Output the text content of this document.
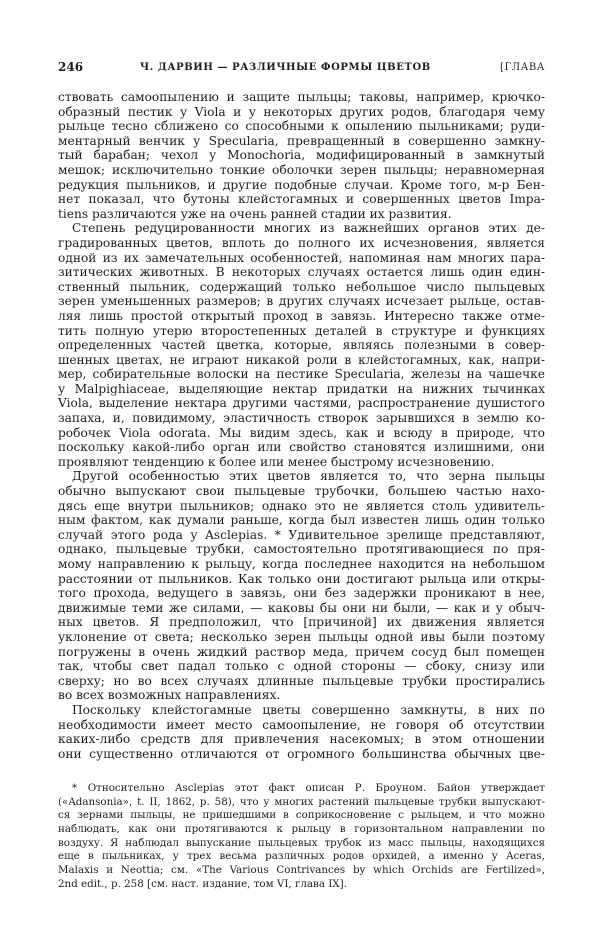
246	Ч. ДАРВИН — РАЗЛИЧНЫЕ ФОРМЫ ЦВЕТОВ	[ГЛАВА
ствовать самоопылению и защите пыльцы; таковы, например, крючко-
образный пестик у Viola и у некоторых других родов, благодаря чему
рыльце тесно сближено со способными к опылению пыльниками; руди-
ментарный венчик у Specularia, превращенный в совершенно замкну-
тый барабан; чехол у Monochoria, модифицированный в замкнутый
мешок; исключительно тонкие оболочки зерен пыльцы; неравномерная
редукция пыльников, и другие подобные случаи. Кроме того, м-р Бен-
нет показал, что бутоны клейстогамных и совершенных цветов Impa-
tiens различаются уже на очень ранней стадии их развития.
Степень редуцированности многих из важнейших органов этих де-
градированных цветов, вплоть до полного их исчезновения, является
одной из их замечательных особенностей, напоминая нам многих пара-
зитических животных. В некоторых случаях остается лишь один един-
ственный пыльник, содержащий только небольшое число пыльцевых
зерен уменьшенных размеров; в других случаях исчезает рыльце, остав-
ляя лишь простой открытый проход в завязь. Интересно также отме-
тить полную утерю второстепенных деталей в структуре и функциях
определенных частей цветка, которые, являясь полезными в совер-
шенных цветах, не играют никакой роли в клейстогамных, как, напри-
мер, собирательные волоски на пестике Specularia, железы на чашечке
у Malpighiaceae, выделяющие нектар придатки на нижних тычинках
Viola, выделение нектара другими частями, распространение душистого
запаха, и, повидимому, эластичность створок зарывшихся в землю ко-
робочек Viola odorata. Мы видим здесь, как и всюду в природе, что
поскольку какой-либо орган или свойство становятся излишними, они
проявляют тенденцию к более или менее быстрому исчезновению.
Другой особенностью этих цветов является то, что зерна пыльцы
обычно выпускают свои пыльцевые трубочки, большею частью нахо-
дясь еще внутри пыльников; однако это не является столь удивитель-
ным фактом, как думали раньше, когда был известен лишь один только
случай этого рода у Asclepias. * Удивительное зрелище представляют,
однако, пыльцевые трубки, самостоятельно протягивающиеся по пря-
мому направлению к рыльцу, когда последнее находится на небольшом
расстоянии от пыльников. Как только они достигают рыльца или откры-
того прохода, ведущего в завязь, они без задержки проникают в нее,
движимые теми же силами, — каковы бы они ни были, — как и у обыч-
ных цветов. Я предположил, что [причиной] их движения является
уклонение от света; несколько зерен пыльцы одной ивы были поэтому
погружены в очень жидкий раствор меда, причем сосуд был помещен
так, чтобы свет падал только с одной стороны — сбоку, снизу или
сверху; но во всех случаях длинные пыльцевые трубки простирались
во всех возможных направлениях.
Поскольку клейстогамные цветы совершенно замкнуты, в них по
необходимости имеет место самоопыление, не говоря об отсутствии
каких-либо средств для привлечения насекомых; в этом отношении
они существенно отличаются от огромного большинства обычных цве-
* Относительно Asclepias этот факт описан Р. Броуном. Байон утверждает
(«Adansonia», t. II, 1862, p. 58), что у многих растений пыльцевые трубки выпускают-
ся зернами пыльцы, не пришедшими в соприкосновение с рыльцем, и что можно
наблюдать, как они протягиваются к рыльцу в горизонтальном направлении по
воздуху. Я наблюдал выпускание пыльцевых трубок из масс пыльцы, находящихся
еще в пыльниках, у трех весьма различных родов орхидей, а именно у Aceras,
Malaxis и Neottia; см. «The Various Contrivances by which Orchids are Fertilized»,
2nd edit., p. 258 [см. наст. издание, том VI, глава IX].
